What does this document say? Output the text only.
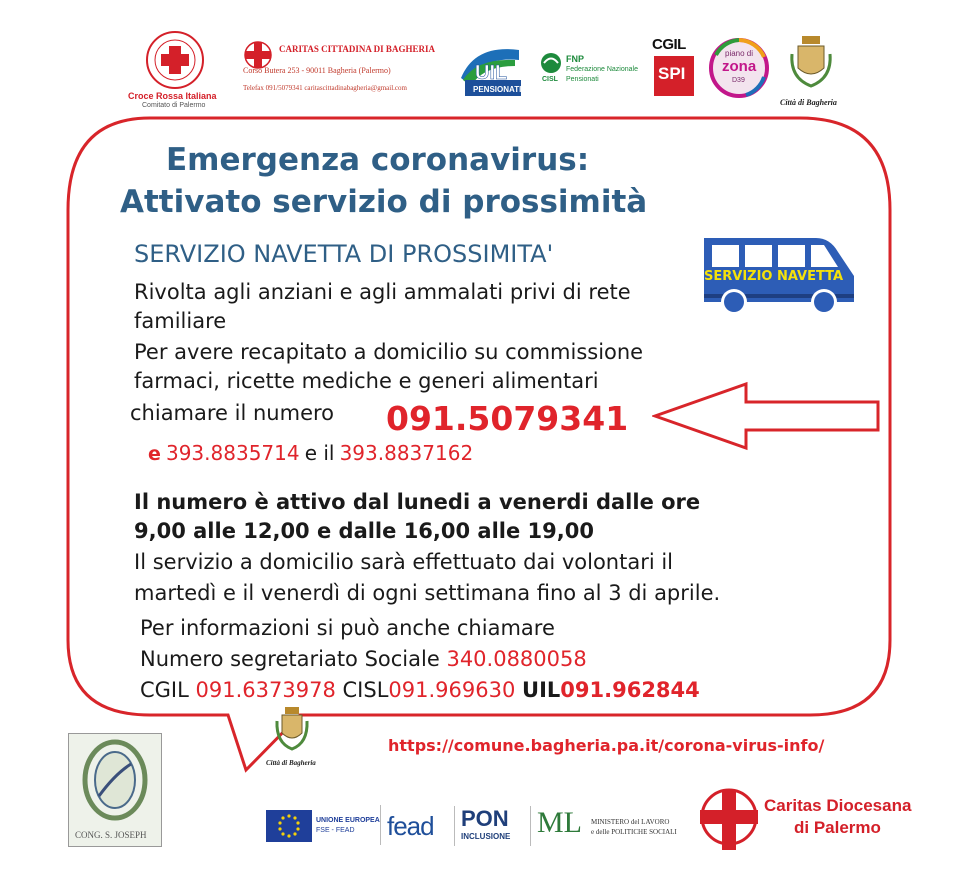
Croce Rossa Italiana
Comitato di Palermo
CARITAS CITTADINA DI BAGHERIA
Corso Butera 253 - 90011 Bagheria (Palermo)
Telefax 091/5079341 caritascittadinabagheria@gmail.com
UIL
PENSIONATI
CISL
FNP
Federazione Nazionale
Pensionati
CGIL
SPI
piano di
zona
D39
Città di Bagheria
Emergenza coronavirus:
Attivato servizio di prossimità
SERVIZIO NAVETTA DI PROSSIMITA'
SERVIZIO NAVETTA
Rivolta agli anziani e agli ammalati privi di rete
familiare
Per avere recapitato a domicilio su commissione
farmaci, ricette mediche e generi alimentari
chiamare il numero 091.5079341
e 393.8835714 e il 393.8837162
Il numero è attivo dal lunedi a venerdi dalle ore
9,00 alle 12,00 e dalle 16,00 alle 19,00
Il servizio a domicilio sarà effettuato dai volontari il
martedì e il venerdì di ogni settimana fino al 3 di aprile.
Per informazioni si può anche chiamare
Numero segretariato Sociale 340.0880058
CGIL 091.6373978 CISL091.969630 UIL091.962844
https://comune.bagheria.pa.it/corona-virus-info/
CONG. S. JOSEPH
Città di Bagheria
UNIONE EUROPEA
FSE - FEAD fead PON
INCLUSIONE ML MINISTERO del LAVORO
e delle POLITICHE SOCIALI
Caritas Diocesana
di Palermo
